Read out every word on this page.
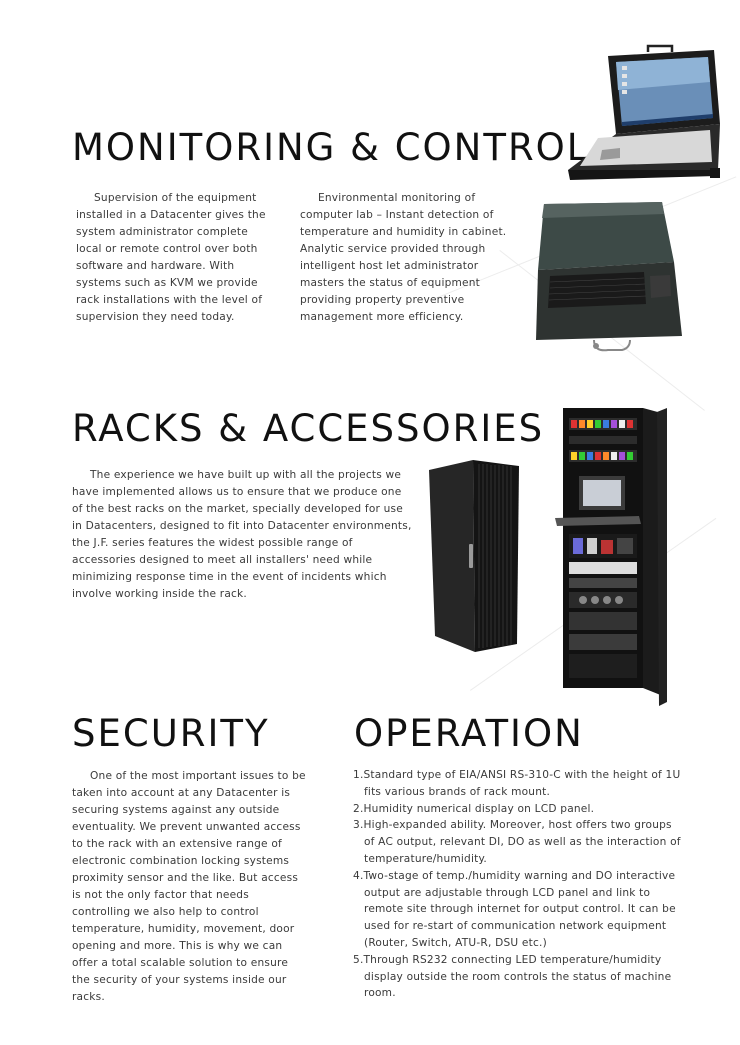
MONITORING & CONTROL

Supervision of the equipment installed in a Datacenter gives the system administrator complete local or remote control over both software and hardware. With systems such as KVM we provide rack installations with the level of supervision they need today.

Environmental monitoring of computer lab – Instant detection of temperature and humidity in cabinet. Analytic service provided through intelligent host let administrator masters the status of equipment providing property preventive management more efficiency.

RACKS & ACCESSORIES

The experience we have built up with all the projects we have implemented allows us to ensure that we produce one of the best racks on the market, specially developed for use in Datacenters, designed to fit into Datacenter environments, the J.F. series features the widest possible range of accessories designed to meet all installers' need while minimizing response time in the event of incidents which involve working inside the rack.

SECURITY

One of the most important issues to be taken into account at any Datacenter is securing systems against any outside eventuality. We prevent unwanted access to the rack with an extensive range of electronic combination locking systems proximity sensor and the like. But access is not the only factor that needs controlling we also help to control temperature, humidity, movement, door opening and more. This is why we can offer a total scalable solution to ensure the security of your systems inside our racks.

OPERATION
1.Standard type of EIA/ANSI RS-310-C with the height of 1U fits various brands of rack mount.
2.Humidity numerical display on LCD panel.
3.High-expanded ability. Moreover, host offers two groups of AC output, relevant DI, DO as well as the interaction of temperature/humidity.
4.Two-stage of temp./humidity warning and DO interactive output are adjustable through LCD panel and link to remote site through internet for output control. It can be used for re-start of communication network equipment (Router, Switch, ATU-R, DSU etc.)
5.Through RS232 connecting LED temperature/humidity display outside the room controls the status of machine room.
